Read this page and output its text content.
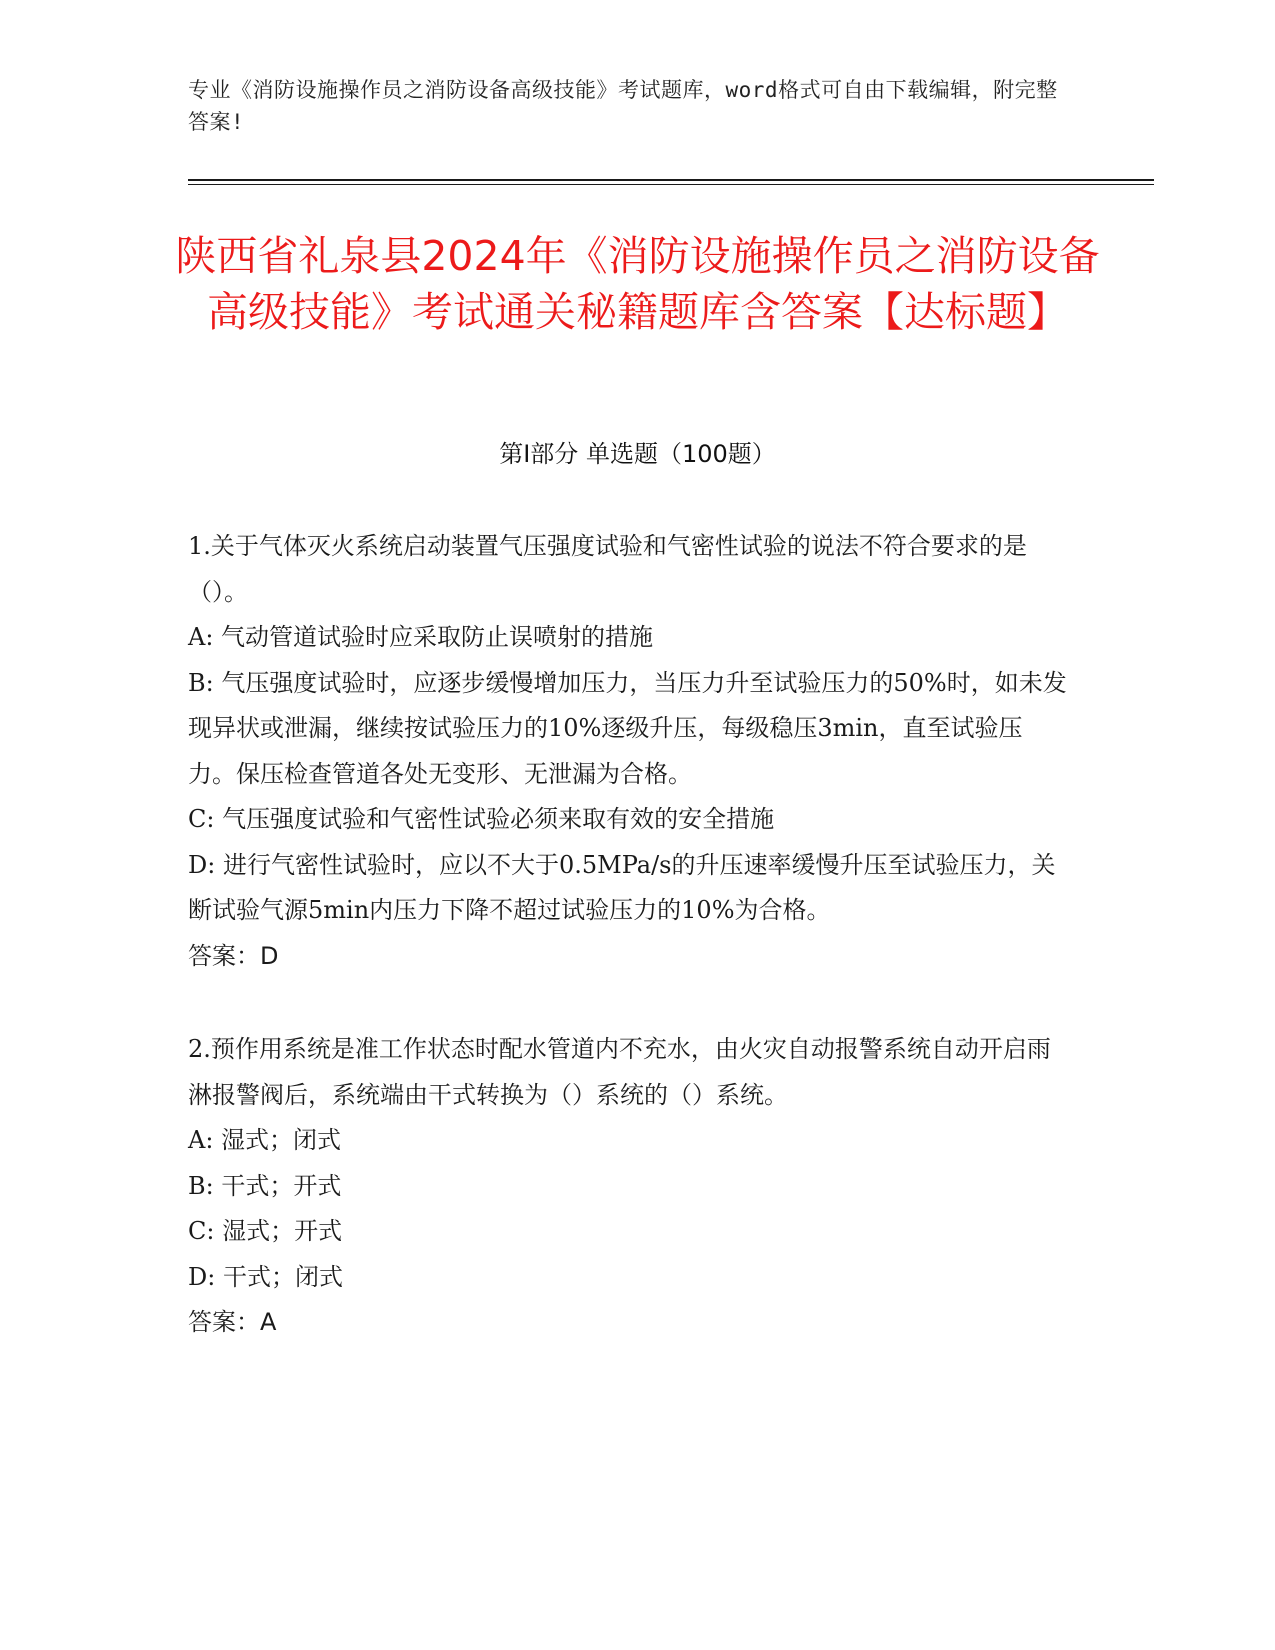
专业《消防设施操作员之消防设备高级技能》考试题库，word格式可自由下载编辑，附完整答案!
陕西省礼泉县2024年《消防设施操作员之消防设备高级技能》考试通关秘籍题库含答案【达标题】
第I部分 单选题（100题）

1.关于气体灭火系统启动装置气压强度试验和气密性试验的说法不符合要求的是（）。

A: 气动管道试验时应采取防止误喷射的措施

B: 气压强度试验时，应逐步缓慢增加压力，当压力升至试验压力的50%时，如未发现异状或泄漏，继续按试验压力的10%逐级升压，每级稳压3min，直至试验压力。保压检查管道各处无变形、无泄漏为合格。

C: 气压强度试验和气密性试验必须来取有效的安全措施

D: 进行气密性试验时，应以不大于0.5MPa/s的升压速率缓慢升压至试验压力，关断试验气源5min内压力下降不超过试验压力的10%为合格。

答案：D

2.预作用系统是准工作状态时配水管道内不充水，由火灾自动报警系统自动开启雨淋报警阀后，系统端由干式转换为（）系统的（）系统。

A: 湿式；闭式

B: 干式；开式

C: 湿式；开式

D: 干式；闭式

答案：A
